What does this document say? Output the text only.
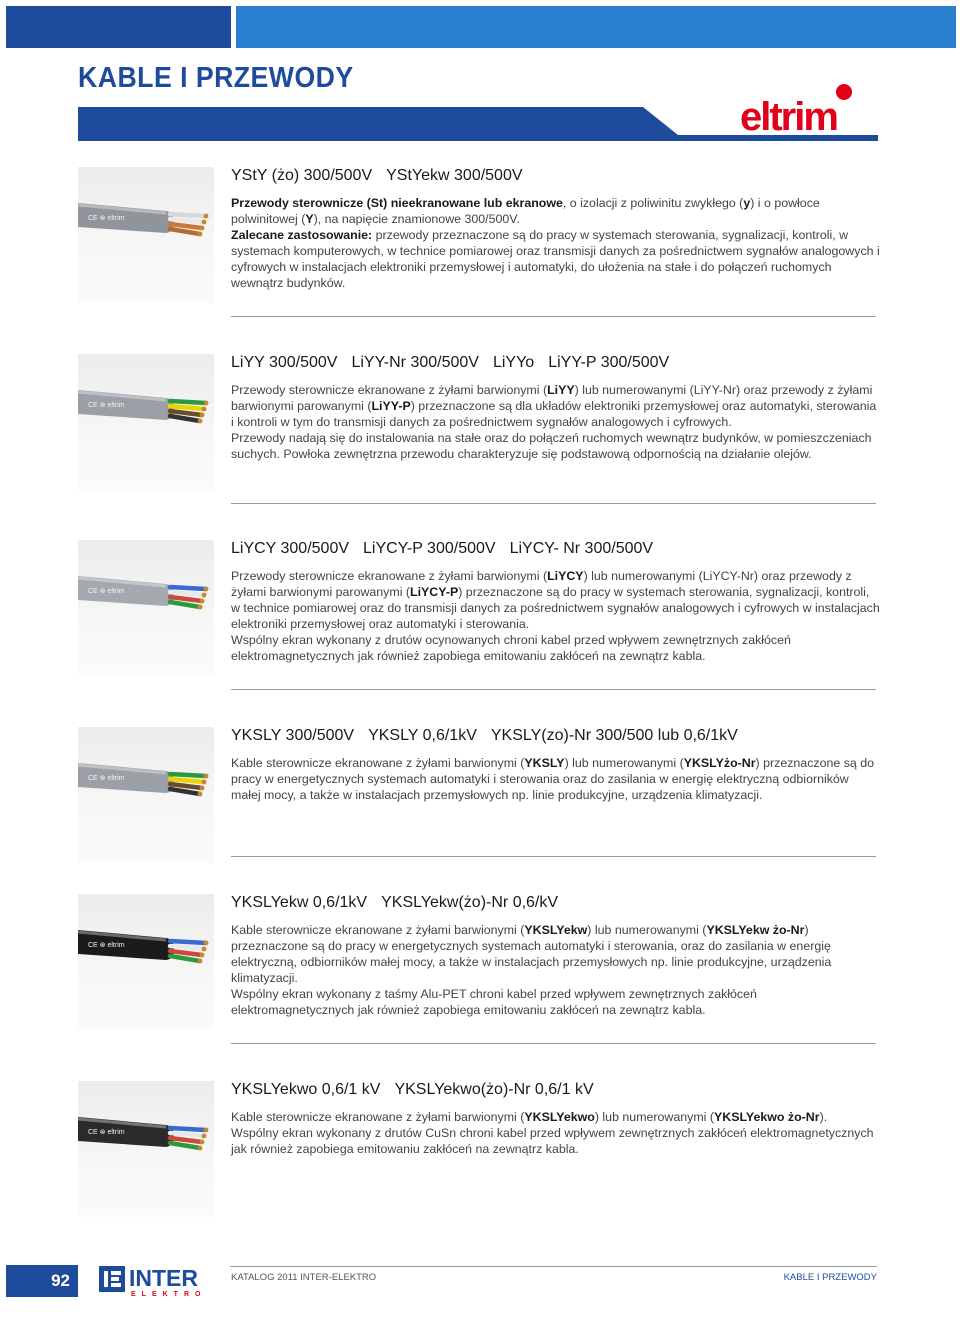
KABLE I PRZEWODY
eltrim
CE ⊗ eltrim
YStY (żo) 300/500V YStYekw 300/500V

Przewody sterownicze (St) nieekranowane lub ekranowe, o izolacji z poliwinitu zwykłego (y) i o powłoce polwinitowej (Y), na napięcie znamionowe 300/500V.

Zalecane zastosowanie: przewody przeznaczone są do pracy w systemach sterowania, sygnalizacji, kontroli, w systemach komputerowych, w technice pomiarowej oraz transmisji danych za pośrednictwem sygnałów analogowych i cyfrowych w instalacjach elektroniki przemysłowej i automatyki, do ułożenia na stałe i do połączeń ruchomych wewnątrz budynków.

CE ⊗ eltrim
LiYY 300/500V LiYY-Nr 300/500V LiYYo LiYY-P 300/500V

Przewody sterownicze ekranowane z żyłami barwionymi (LiYY) lub numerowanymi (LiYY-Nr) oraz przewody z żyłami barwionymi parowanymi (LiYY-P) przeznaczone są dla układów elektroniki przemysłowej oraz automatyki, sterowania i kontroli w tym do transmisji danych za pośrednictwem sygnałów analogowych i cyfrowych.

Przewody nadają się do instalowania na stałe oraz do połączeń ruchomych wewnątrz budynków, w pomieszczeniach suchych. Powłoka zewnętrzna przewodu charakteryzuje się podstawową odpornością na działanie olejów.

CE ⊗ eltrim
LiYCY 300/500V LiYCY-P 300/500V LiYCY- Nr 300/500V

Przewody sterownicze ekranowane z żyłami barwionymi (LiYCY) lub numerowanymi (LiYCY-Nr) oraz przewody z żyłami barwionymi parowanymi (LiYCY-P) przeznaczone są do pracy w systemach sterowania, sygnalizacji, kontroli, w technice pomiarowej oraz do transmisji danych za pośrednictwem sygnałów analogowych i cyfrowych w instalacjach elektroniki przemysłowej oraz automatyki i sterowania.

Wspólny ekran wykonany z drutów ocynowanych chroni kabel przed wpływem zewnętrznych zakłóceń elektromagnetycznych jak również zapobiega emitowaniu zakłóceń na zewnątrz kabla.

CE ⊗ eltrim
YKSLY 300/500V YKSLY 0,6/1kV YKSLY(zo)-Nr 300/500 lub 0,6/1kV

Kable sterownicze ekranowane z żyłami barwionymi (YKSLY) lub numerowanymi (YKSLYżo-Nr) przeznaczone są do pracy w energetycznych systemach automatyki i sterowania oraz do zasilania w energię elektryczną odbiorników małej mocy, a także w instalacjach przemysłowych np. linie produkcyjne, urządzenia klimatyzacji.

CE ⊗ eltrim
YKSLYekw 0,6/1kV YKSLYekw(żo)-Nr 0,6/kV

Kable sterownicze ekranowane z żyłami barwionymi (YKSLYekw) lub numerowanymi (YKSLYekw żo-Nr) przeznaczone są do pracy w energetycznych systemach automatyki i sterowania, oraz do zasilania w energię elektryczną, odbiorników małej mocy, a także w instalacjach przemysłowych np. linie produkcyjne, urządzenia klimatyzacji.

Wspólny ekran wykonany z taśmy Alu-PET chroni kabel przed wpływem zewnętrznych zakłóceń elektromagnetycznych jak również zapobiega emitowaniu zakłóceń na zewnątrz kabla.

CE ⊗ eltrim
YKSLYekwo 0,6/1 kV YKSLYekwo(żo)-Nr 0,6/1 kV

Kable sterownicze ekranowane z żyłami barwionymi (YKSLYekwo) lub numerowanymi (YKSLYekwo żo-Nr).

Wspólny ekran wykonany z drutów CuSn chroni kabel przed wpływem zewnętrznych zakłóceń elektromagnetycznych jak również zapobiega emitowaniu zakłóceń na zewnątrz kabla.

92	INTER
ELEKTRO
KATALOG 2011 INTER-ELEKTRO	KABLE I PRZEWODY
